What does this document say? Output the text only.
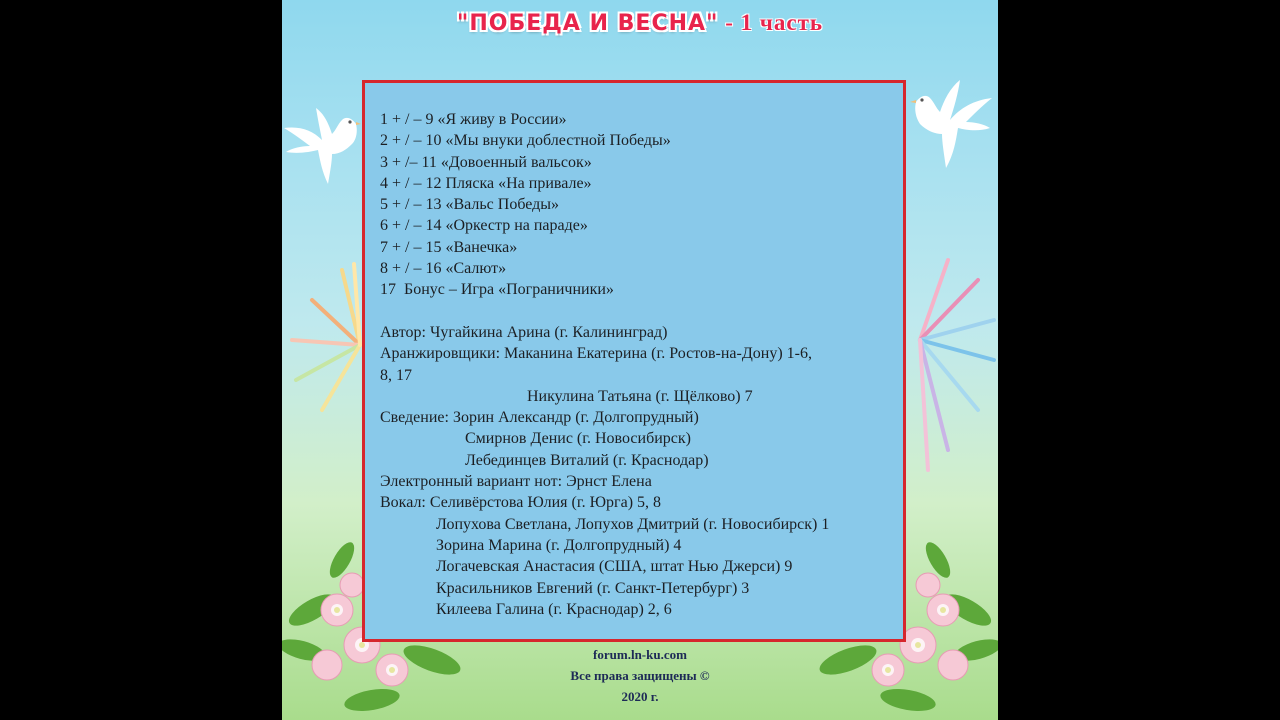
"ПОБЕДА И ВЕСНА" - 1 часть
1 + / – 9 «Я живу в России»
2 + / – 10 «Мы внуки доблестной Победы»
3 + /– 11 «Довоенный вальсок»
4 + / – 12 Пляска «На привале»
5 + / – 13 «Вальс Победы»
6 + / – 14 «Оркестр на параде»
7 + / – 15 «Ванечка»
8 + / – 16 «Салют»
17  Бонус – Игра «Пограничники»
Автор: Чугайкина Арина (г. Калининград)
Аранжировщики: Маканина Екатерина (г. Ростов-на-Дону) 1-6,
8, 17
Никулина Татьяна (г. Щёлково) 7
Сведение: Зорин Александр (г. Долгопрудный)
Смирнов Денис (г. Новосибирск)
Лебединцев Виталий (г. Краснодар)
Электронный вариант нот: Эрнст Елена
Вокал: Селивёрстова Юлия (г. Юрга) 5, 8
Лопухова Светлана, Лопухов Дмитрий (г. Новосибирск) 1
Зорина Марина (г. Долгопрудный) 4
Логачевская Анастасия (США, штат Нью Джерси) 9
Красильников Евгений (г. Санкт-Петербург) 3
Килеева Галина (г. Краснодар) 2, 6
forum.ln-ku.com
Все права защищены ©
2020 г.
